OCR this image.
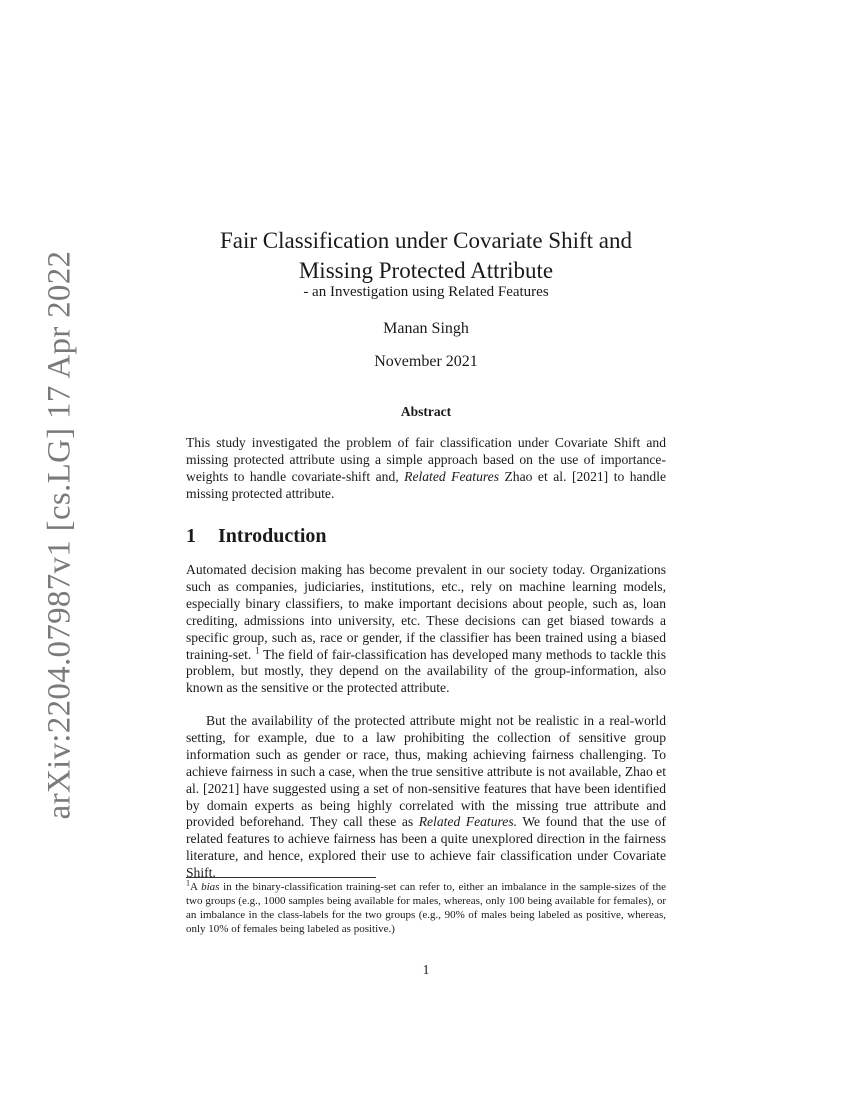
arXiv:2204.07987v1 [cs.LG] 17 Apr 2022
Fair Classification under Covariate Shift and
Missing Protected Attribute
- an Investigation using Related Features
Manan Singh
November 2021
Abstract

This study investigated the problem of fair classification under Covariate Shift and missing protected attribute using a simple approach based on the use of importance-weights to handle covariate-shift and, Related Features Zhao et al. [2021] to handle missing protected attribute.

1 Introduction

Automated decision making has become prevalent in our society today. Organizations such as companies, judiciaries, institutions, etc., rely on machine learning models, especially binary classifiers, to make important decisions about people, such as, loan crediting, admissions into university, etc. These decisions can get biased towards a specific group, such as, race or gender, if the classifier has been trained using a biased training-set. $^1$ The field of fair-classification has developed many methods to tackle this problem, but mostly, they depend on the availability of the group-information, also known as the sensitive or the protected attribute.

But the availability of the protected attribute might not be realistic in a real-world setting, for example, due to a law prohibiting the collection of sensitive group information such as gender or race, thus, making achieving fairness challenging. To achieve fairness in such a case, when the true sensitive attribute is not available, Zhao et al. [2021] have suggested using a set of non-sensitive features that have been identified by domain experts as being highly correlated with the missing true attribute and provided beforehand. They call these as Related Features. We found that the use of related features to achieve fairness has been a quite unexplored direction in the fairness literature, and hence, explored their use to achieve fair classification under Covariate Shift.

$^1$A bias in the binary-classification training-set can refer to, either an imbalance in the sample-sizes of the two groups (e.g., 1000 samples being available for males, whereas, only 100 being available for females), or an imbalance in the class-labels for the two groups (e.g., 90% of males being labeled as positive, whereas, only 10% of females being labeled as positive.)

1
